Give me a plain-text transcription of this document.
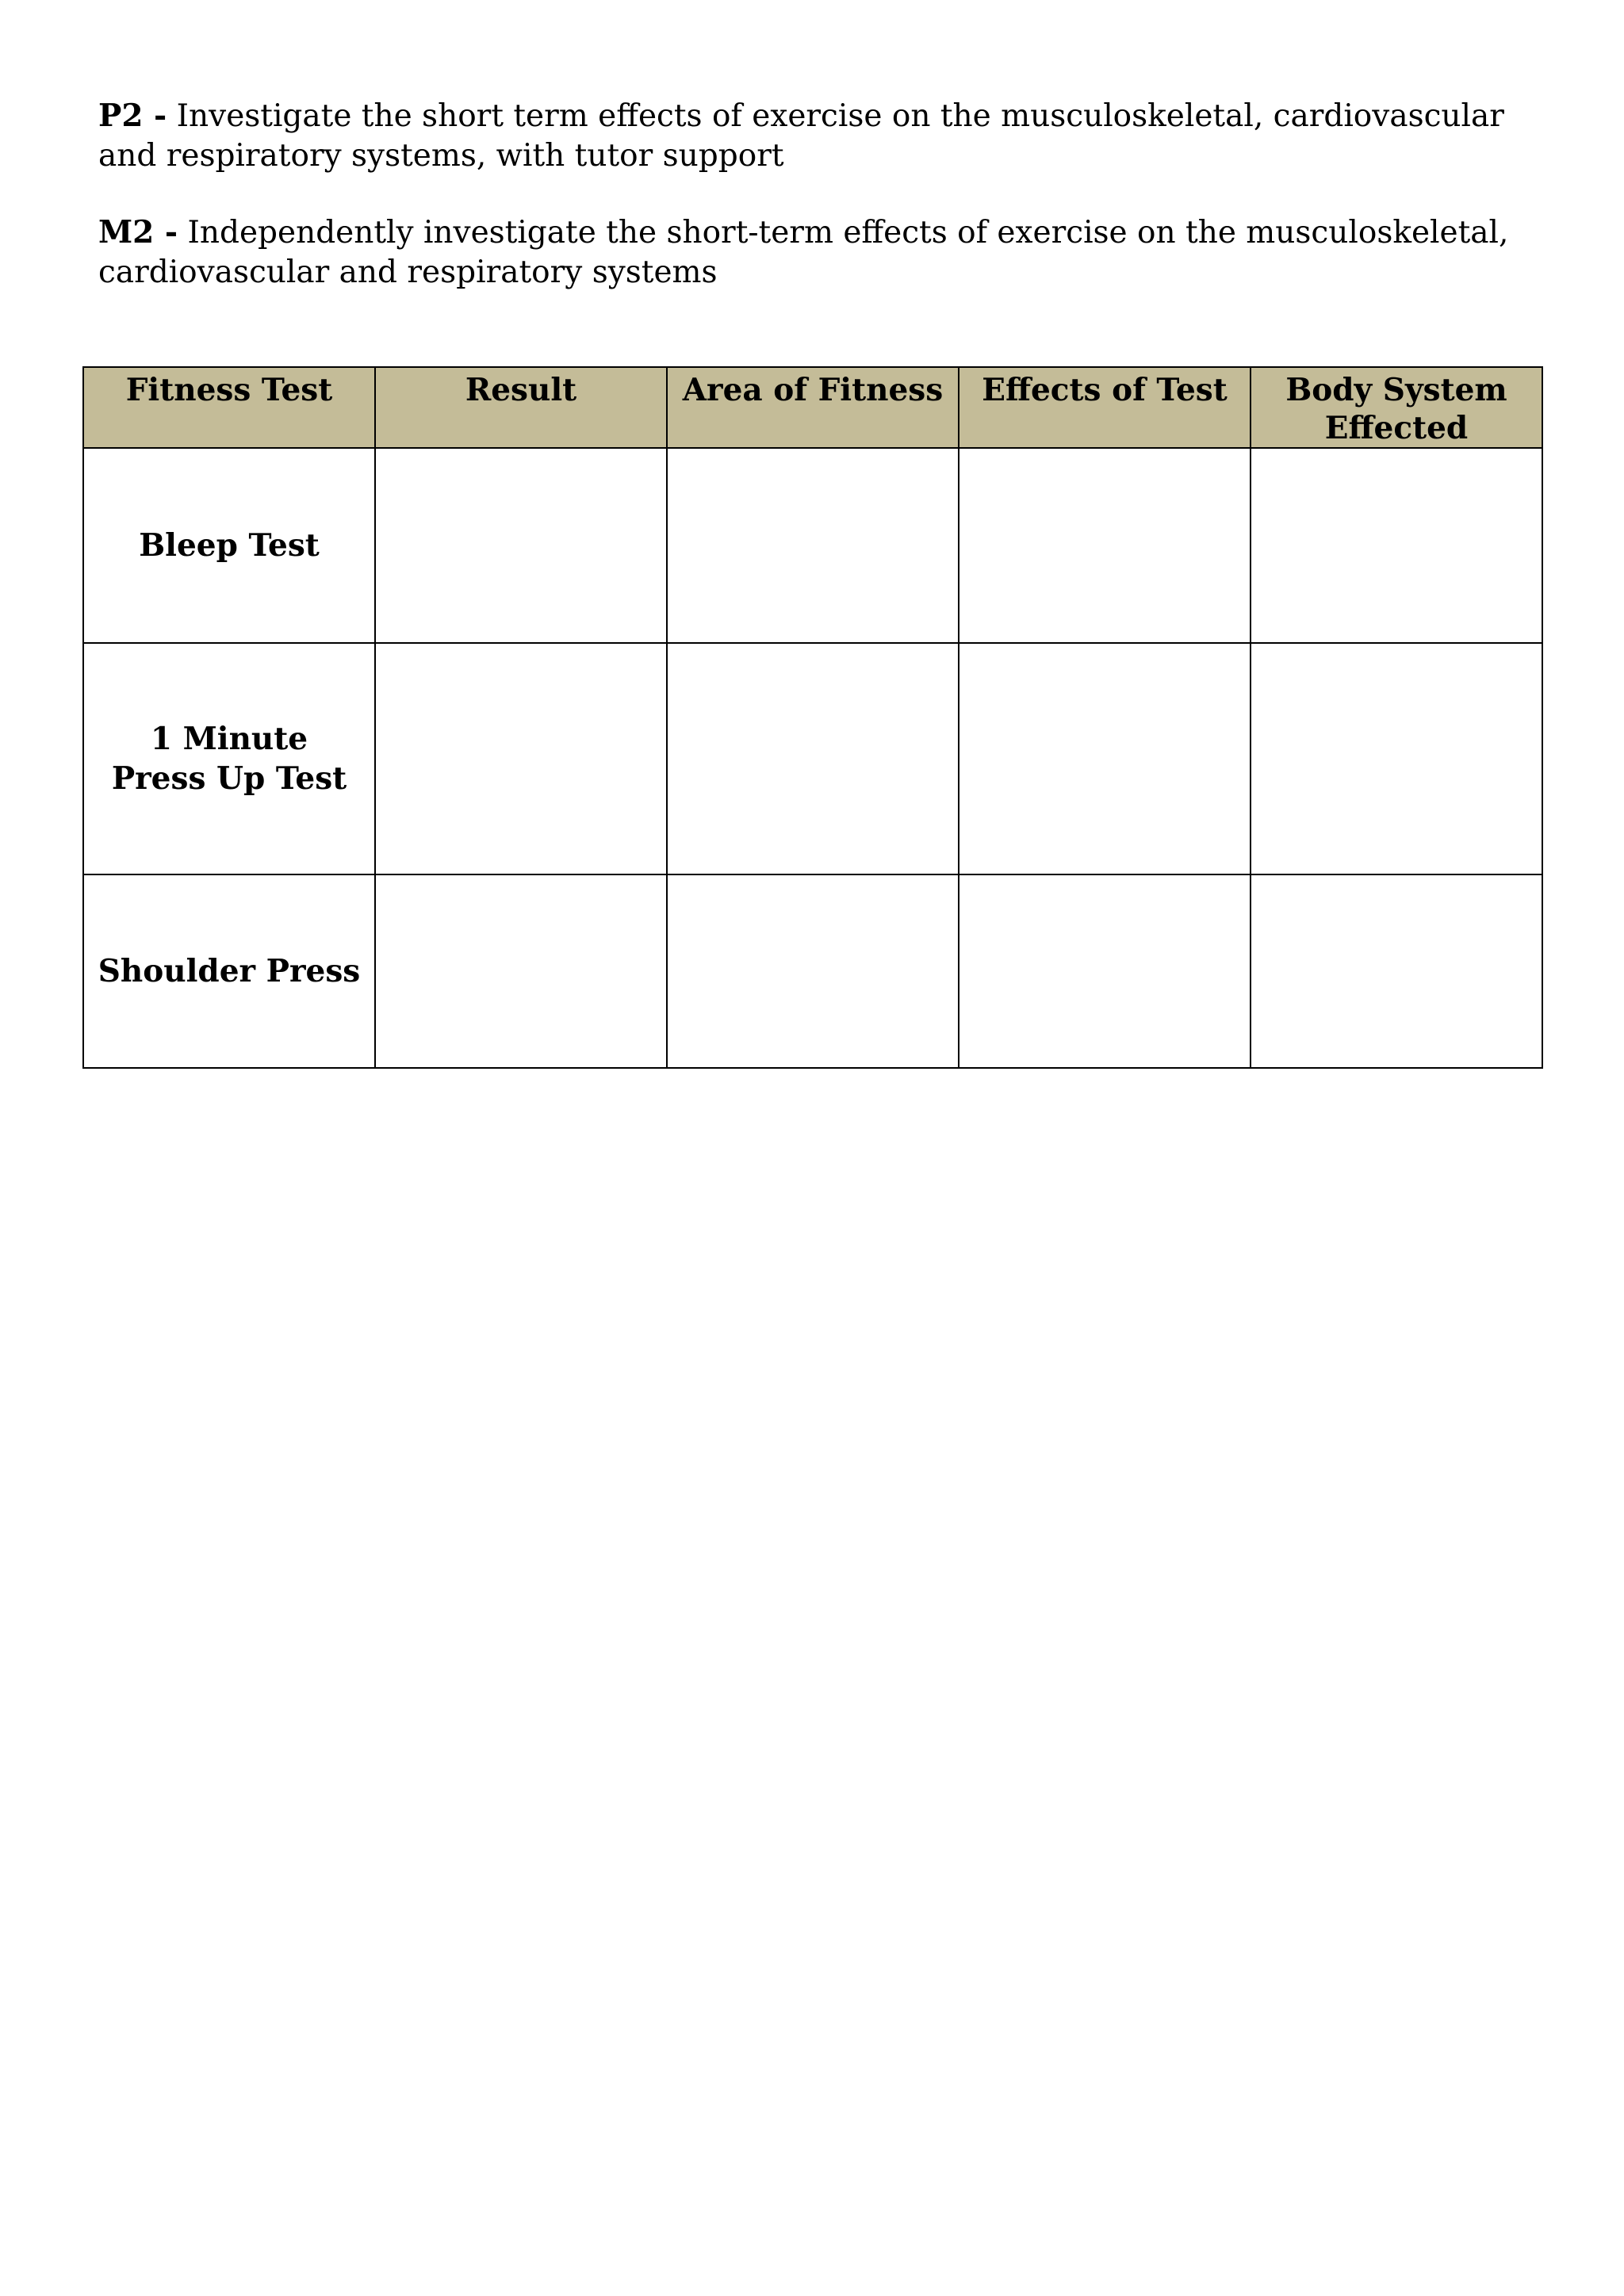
P2 - Investigate the short term effects of exercise on the musculoskeletal, cardiovascular and respiratory systems, with tutor support

M2 - Independently investigate the short-term effects of exercise on the musculoskeletal, cardiovascular and respiratory systems

Fitness Test	Result	Area of Fitness	Effects of Test	Body System Effected
Bleep Test				
1 Minute Press Up Test				
Shoulder Press				
